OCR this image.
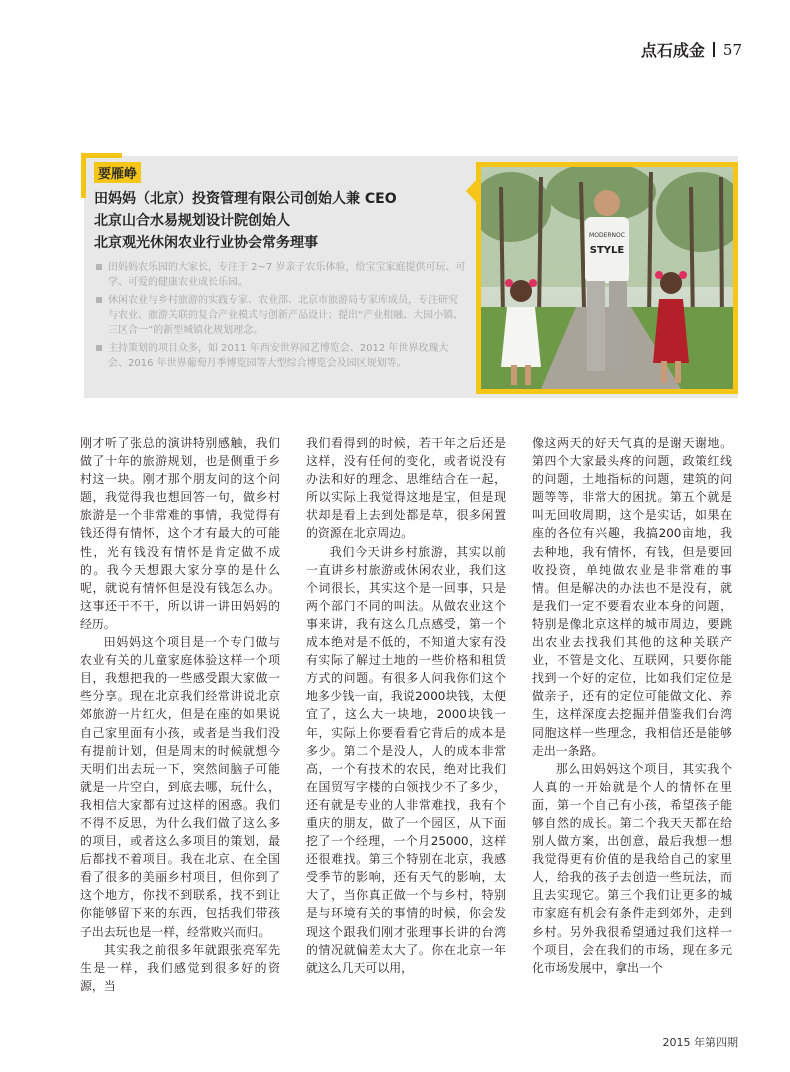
点石成金 57
要雁峥
田妈妈（北京）投资管理有限公司创始人兼 CEO
北京山合水易规划设计院创始人
北京观光休闲农业行业协会常务理事
田妈妈农乐园的大家长，专注于 2~7 岁亲子农乐体验，给宝宝家庭提供可玩、可学、可爱的健康农业成长乐园。
休闲农业与乡村旅游的实践专家、农业部、北京市旅游局专家库成员，专注研究与农业、旅游关联的复合产业模式与创新产品设计；提出“产业相融、大园小镇、三区合一”的新型城镇化规划理念。
主持策划的项目众多，如 2011 年西安世界园艺博览会、2012 年世界玫瑰大会、2016 年世界葡萄月季博览园等大型综合博览会及园区规划等。
MODERNOC
STYLE

刚才听了张总的演讲特别感触，我们做了十年的旅游规划，也是侧重于乡村这一块。刚才那个朋友问的这个问题，我觉得我也想回答一句，做乡村旅游是一个非常难的事情，我觉得有钱还得有情怀，这个才有最大的可能性，光有钱没有情怀是肯定做不成的。我今天想跟大家分享的是什么呢，就说有情怀但是没有钱怎么办。这事还干不干，所以讲一讲田妈妈的经历。

田妈妈这个项目是一个专门做与农业有关的儿童家庭体验这样一个项目，我想把我的一些感受跟大家做一些分享。现在北京我们经常讲说北京郊旅游一片红火，但是在座的如果说自己家里面有小孩，或者是当我们没有提前计划，但是周末的时候就想今天明们出去玩一下，突然间脑子可能就是一片空白，到底去哪，玩什么，我相信大家都有过这样的困惑。我们不得不反思，为什么我们做了这么多的项目，或者这么多项目的策划，最后都找不着项目。我在北京、在全国看了很多的美丽乡村项目，但你到了这个地方，你找不到联系，找不到让你能够留下来的东西，包括我们带孩子出去玩也是一样，经常败兴而归。

其实我之前很多年就跟张亮军先生是一样，我们感觉到很多好的资源，当

我们看得到的时候，若干年之后还是这样，没有任何的变化，或者说没有办法和好的理念、思维结合在一起，所以实际上我觉得这地是宝，但是现状却是看上去到处都是草，很多闲置的资源在北京周边。

我们今天讲乡村旅游，其实以前一直讲乡村旅游或休闲农业，我们这个词很长，其实这个是一回事，只是两个部门不同的叫法。从做农业这个事来讲，我有这么几点感受，第一个成本绝对是不低的，不知道大家有没有实际了解过土地的一些价格和租赁方式的问题。有很多人问我你们这个地多少钱一亩，我说2000块钱，太便宜了，这么大一块地，2000块钱一年，实际上你要看看它背后的成本是多少。第二个是没人，人的成本非常高，一个有技术的农民，绝对比我们在国贸写字楼的白领找少不了多少，还有就是专业的人非常难找，我有个重庆的朋友，做了一个园区，从下面挖了一个经理，一个月25000，这样还很难找。第三个特别在北京，我感受季节的影响，还有天气的影响，太大了，当你真正做一个与乡村，特别是与环境有关的事情的时候，你会发现这个跟我们刚才张理事长讲的台湾的情况就偏差太大了。你在北京一年就这么几天可以用，

像这两天的好天气真的是谢天谢地。第四个大家最头疼的问题，政策红线的问题，土地指标的问题，建筑的问题等等，非常大的困扰。第五个就是叫无回收周期，这个是实话，如果在座的各位有兴趣，我搞200亩地，我去种地，我有情怀，有钱，但是要回收投资，单纯做农业是非常难的事情。但是解决的办法也不是没有，就是我们一定不要看农业本身的问题，特别是像北京这样的城市周边，要跳出农业去找我们其他的这种关联产业，不管是文化、互联网，只要你能找到一个好的定位，比如我们定位是做亲子，还有的定位可能做文化、养生，这样深度去挖掘并借鉴我们台湾同胞这样一些理念，我相信还是能够走出一条路。

那么田妈妈这个项目，其实我个人真的一开始就是个人的情怀在里面，第一个自己有小孩，希望孩子能够自然的成长。第二个我天天都在给别人做方案，出创意，最后我想一想我觉得更有价值的是我给自己的家里人，给我的孩子去创造一些玩法，而且去实现它。第三个我们让更多的城市家庭有机会有条件走到郊外，走到乡村。另外我很希望通过我们这样一个项目，会在我们的市场，现在多元化市场发展中，拿出一个

2015 年第四期
